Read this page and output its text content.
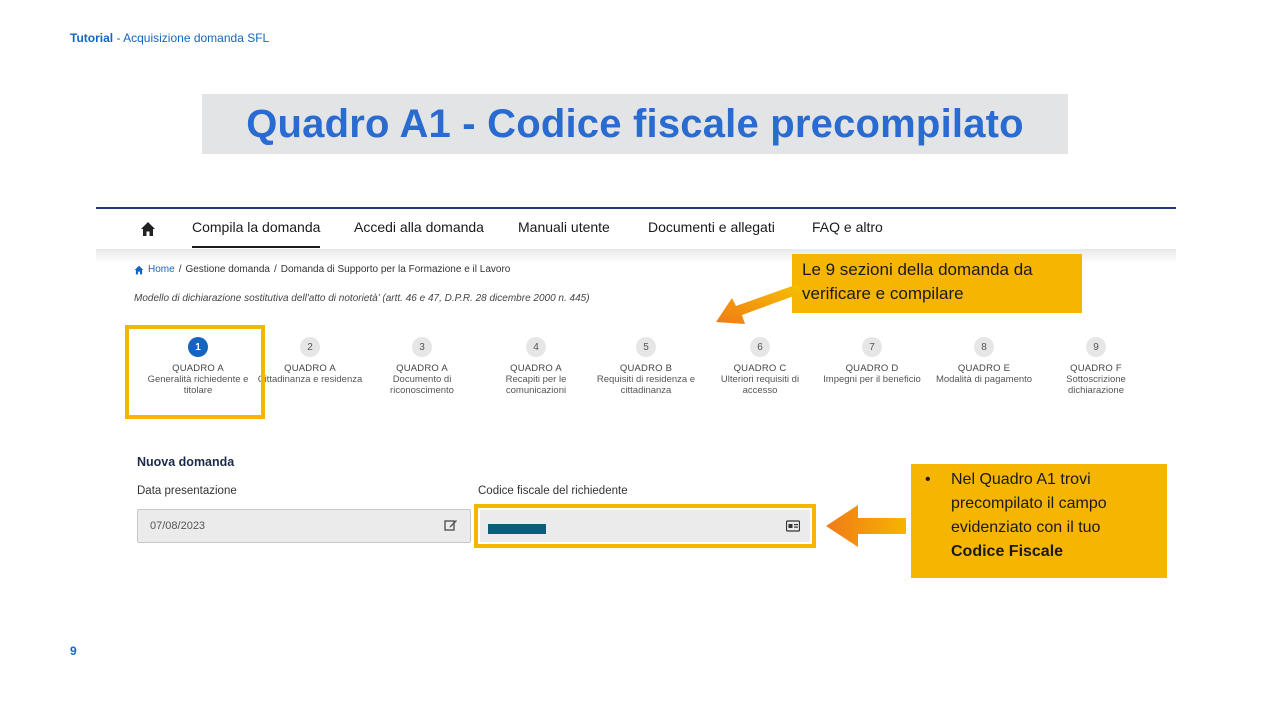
Tutorial - Acquisizione domanda SFL
Quadro A1 - Codice fiscale precompilato
Compila la domanda Accedi alla domanda Manuali utente	Documenti e allegati	FAQ e altro
Home / Gestione domanda / Domanda di Supporto per la Formazione e il Lavoro
Modello di dichiarazione sostitutiva dell'atto di notorietà' (artt. 46 e 47, D.P.R. 28 dicembre 2000 n. 445)
1
QUADRO A
Generalità richiedente e titolare
2
QUADRO A
Cittadinanza e residenza
3
QUADRO A
Documento di riconoscimento
4
QUADRO A
Recapiti per le comunicazioni
5
QUADRO B
Requisiti di residenza e cittadinanza
6
QUADRO C
Ulteriori requisiti di accesso
7
QUADRO D
Impegni per il beneficio
8
QUADRO E
Modalità di pagamento
9
QUADRO F
Sottoscrizione dichiarazione
Nuova domanda
Data presentazione	Codice fiscale del richiedente
07/08/2023
Le 9 sezioni della domanda da verificare e compilare
•	Nel Quadro A1 trovi precompilato il campo evidenziato con il tuo Codice Fiscale
9
